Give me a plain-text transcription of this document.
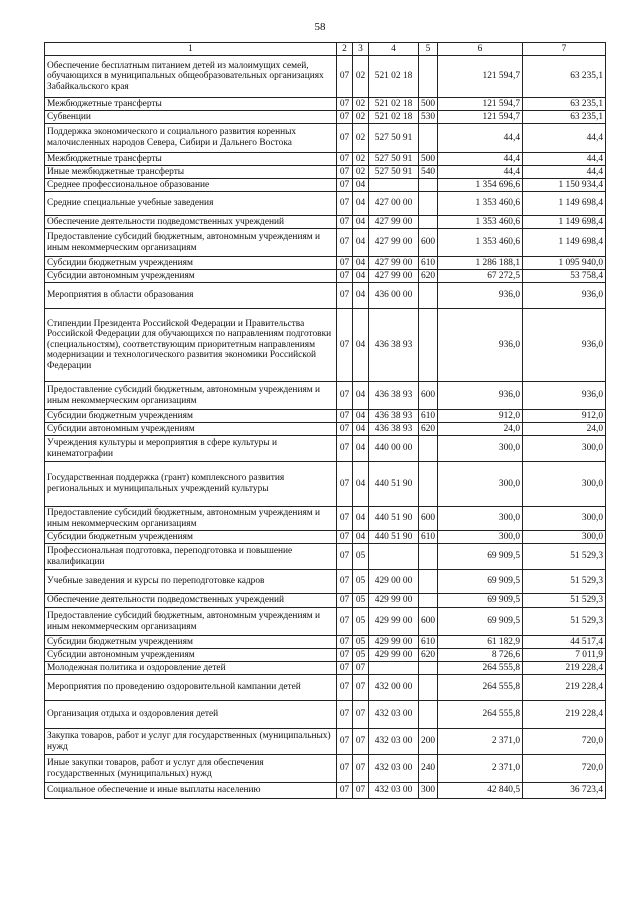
58
1	2	3	4	5	6	7
Обеспечение бесплатным питанием детей из малоимущих семей, обучающихся в муниципальных общеобразовательных организациях Забайкальского края	07	02	521 02 18		121 594,7	63 235,1
Межбюджетные трансферты	07	02	521 02 18	500	121 594,7	63 235,1
Субвенции	07	02	521 02 18	530	121 594,7	63 235,1
Поддержка экономического и социального развития коренных малочисленных народов Севера, Сибири и Дальнего Востока	07	02	527 50 91		44,4	44,4
Межбюджетные трансферты	07	02	527 50 91	500	44,4	44,4
Иные межбюджетные трансферты	07	02	527 50 91	540	44,4	44,4
Среднее профессиональное образование	07	04			1 354 696,6	1 150 934,4
Средние специальные учебные заведения	07	04	427 00 00		1 353 460,6	1 149 698,4
Обеспечение деятельности подведомственных учреждений	07	04	427 99 00		1 353 460,6	1 149 698,4
Предоставление субсидий бюджетным, автономным учреждениям и иным некоммерческим организациям	07	04	427 99 00	600	1 353 460,6	1 149 698,4
Субсидии бюджетным учреждениям	07	04	427 99 00	610	1 286 188,1	1 095 940,0
Субсидии автономным учреждениям	07	04	427 99 00	620	67 272,5	53 758,4
Мероприятия в области образования	07	04	436 00 00		936,0	936,0
Стипендии Президента Российской Федерации и Правительства Российской Федерации для обучающихся по направлениям подготовки (специальностям), соответствующим приоритетным направлениям модернизации и технологического развития экономики Российской Федерации	07	04	436 38 93		936,0	936,0
Предоставление субсидий бюджетным, автономным учреждениям и иным некоммерческим организациям	07	04	436 38 93	600	936,0	936,0
Субсидии бюджетным учреждениям	07	04	436 38 93	610	912,0	912,0
Субсидии автономным учреждениям	07	04	436 38 93	620	24,0	24,0
Учреждения культуры и мероприятия в сфере культуры и кинематографии	07	04	440 00 00		300,0	300,0
Государственная поддержка (грант) комплексного развития региональных и муниципальных учреждений культуры	07	04	440 51 90		300,0	300,0
Предоставление субсидий бюджетным, автономным учреждениям и иным некоммерческим организациям	07	04	440 51 90	600	300,0	300,0
Субсидии бюджетным учреждениям	07	04	440 51 90	610	300,0	300,0
Профессиональная подготовка, переподготовка и повышение квалификации	07	05			69 909,5	51 529,3
Учебные заведения и курсы по переподготовке кадров	07	05	429 00 00		69 909,5	51 529,3
Обеспечение деятельности подведомственных учреждений	07	05	429 99 00		69 909,5	51 529,3
Предоставление субсидий бюджетным, автономным учреждениям и иным некоммерческим организациям	07	05	429 99 00	600	69 909,5	51 529,3
Субсидии бюджетным учреждениям	07	05	429 99 00	610	61 182,9	44 517,4
Субсидии автономным учреждениям	07	05	429 99 00	620	8 726,6	7 011,9
Молодежная политика и оздоровление детей	07	07			264 555,8	219 228,4
Мероприятия по проведению оздоровительной кампании детей	07	07	432 00 00		264 555,8	219 228,4
Организация отдыха и оздоровления детей	07	07	432 03 00		264 555,8	219 228,4
Закупка товаров, работ и услуг для государственных (муниципальных) нужд	07	07	432 03 00	200	2 371,0	720,0
Иные закупки товаров, работ и услуг для обеспечения государственных (муниципальных) нужд	07	07	432 03 00	240	2 371,0	720,0
Социальное обеспечение и иные выплаты населению	07	07	432 03 00	300	42 840,5	36 723,4
